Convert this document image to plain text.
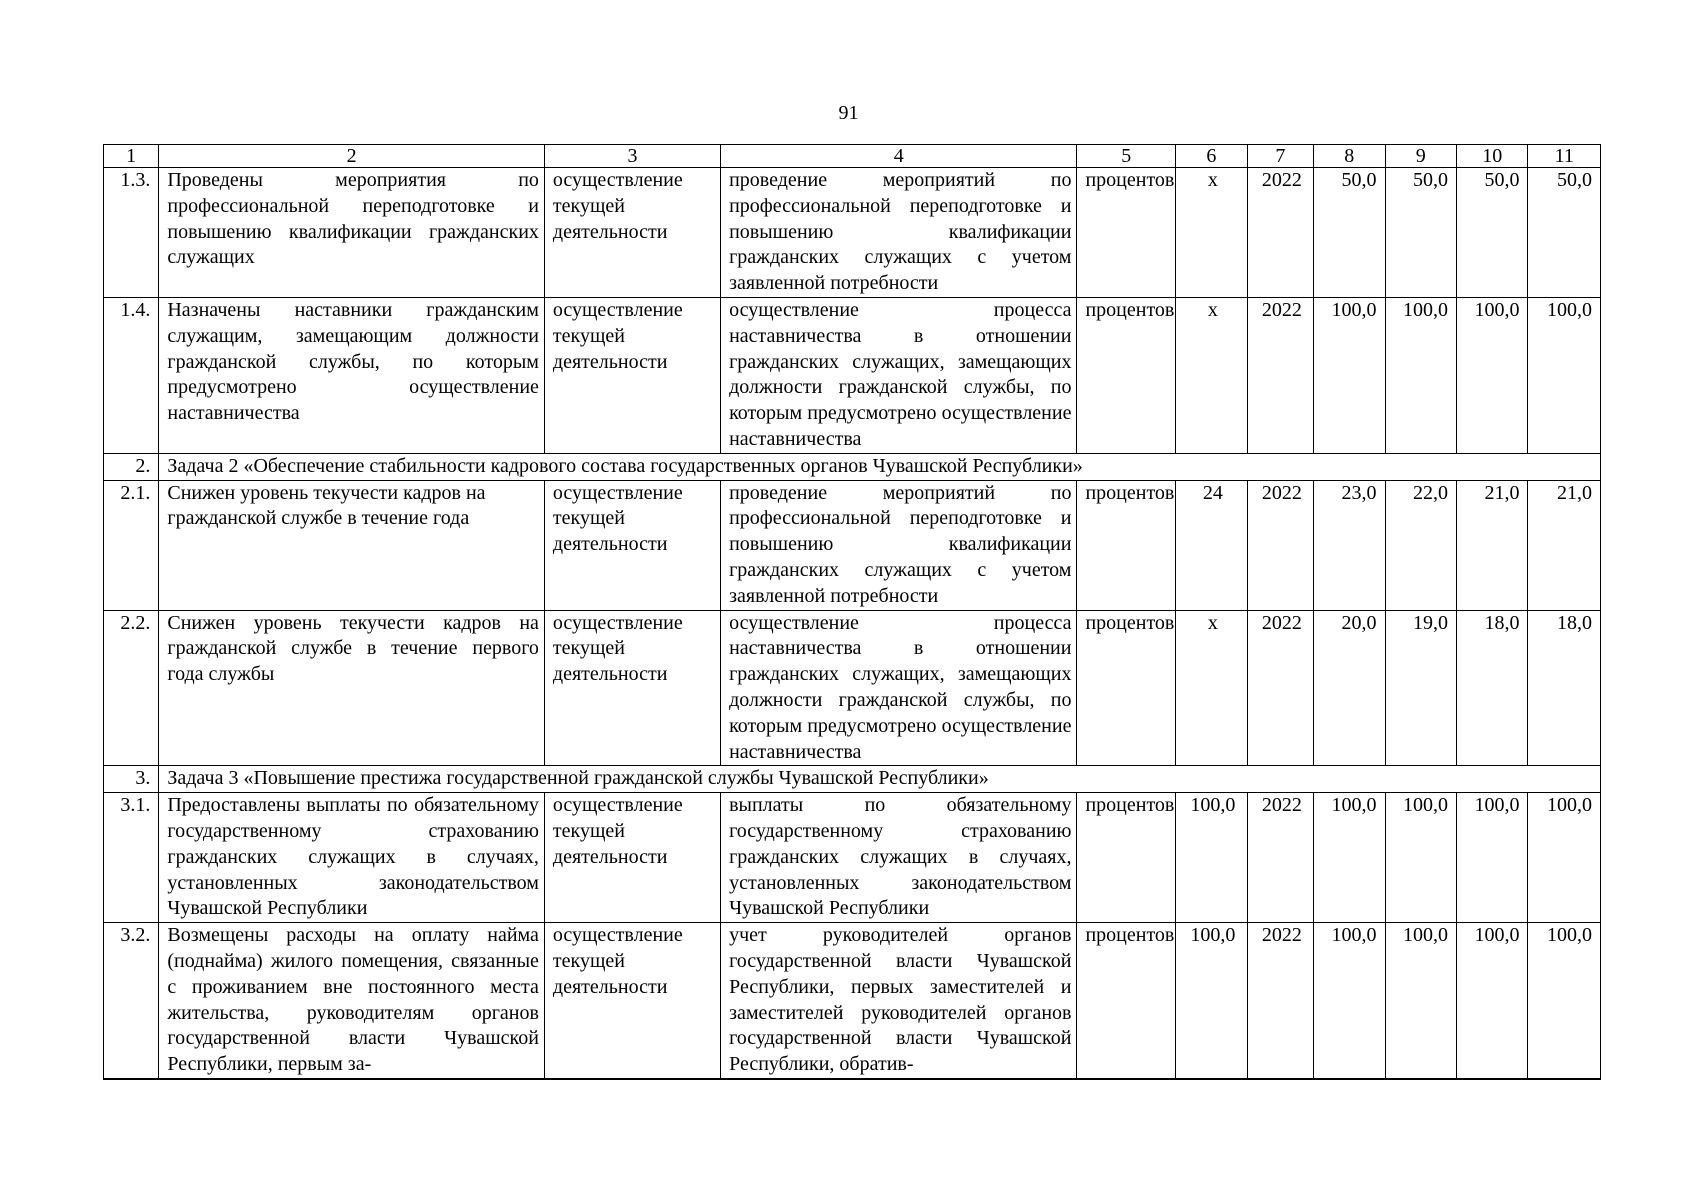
91
1	2	3	4	5	6	7	8	9	10	11
1.3.	Проведены мероприятия по профессиональной переподготовке и повышению квалификации гражданских служащих	осуществление текущей деятельности	проведение мероприятий по профессиональной переподготовке и повышению квалификации гражданских служащих с учетом заявленной потребности	процентов	х	2022	50,0	50,0	50,0	50,0
1.4.	Назначены наставники гражданским служащим, замещающим должности гражданской службы, по которым предусмотрено осуществление наставничества	осуществление текущей деятельности	осуществление процесса наставничества в отношении гражданских служащих, замещающих должности гражданской службы, по которым предусмотрено осуществление наставничества	процентов	х	2022	100,0	100,0	100,0	100,0
2.	Задача 2 «Обеспечение стабильности кадрового состава государственных органов Чувашской Республики»									
2.1.	Снижен уровень текучести кадров на гражданской службе в течение года	осуществление текущей деятельности	проведение мероприятий по профессиональной переподготовке и повышению квалификации гражданских служащих с учетом заявленной потребности	процентов	24	2022	23,0	22,0	21,0	21,0
2.2.	Снижен уровень текучести кадров на гражданской службе в течение первого года службы	осуществление текущей деятельности	осуществление процесса наставничества в отношении гражданских служащих, замещающих должности гражданской службы, по которым предусмотрено осуществление наставничества	процентов	х	2022	20,0	19,0	18,0	18,0
3.	Задача 3 «Повышение престижа государственной гражданской службы Чувашской Республики»									
3.1.	Предоставлены выплаты по обязательному государственному страхованию гражданских служащих в случаях, установленных законодательством Чувашской Республики	осуществление текущей деятельности	выплаты по обязательному государственному страхованию гражданских служащих в случаях, установленных законодательством Чувашской Республики	процентов	100,0	2022	100,0	100,0	100,0	100,0
3.2.	Возмещены расходы на оплату найма (поднайма) жилого помещения, связанные с проживанием вне постоянного места жительства, руководителям органов государственной власти Чувашской Республики, первым за-	осуществление текущей деятельности	учет руководителей органов государственной власти Чувашской Республики, первых заместителей и заместителей руководителей органов государственной власти Чувашской Республики, обратив-	процентов	100,0	2022	100,0	100,0	100,0	100,0
